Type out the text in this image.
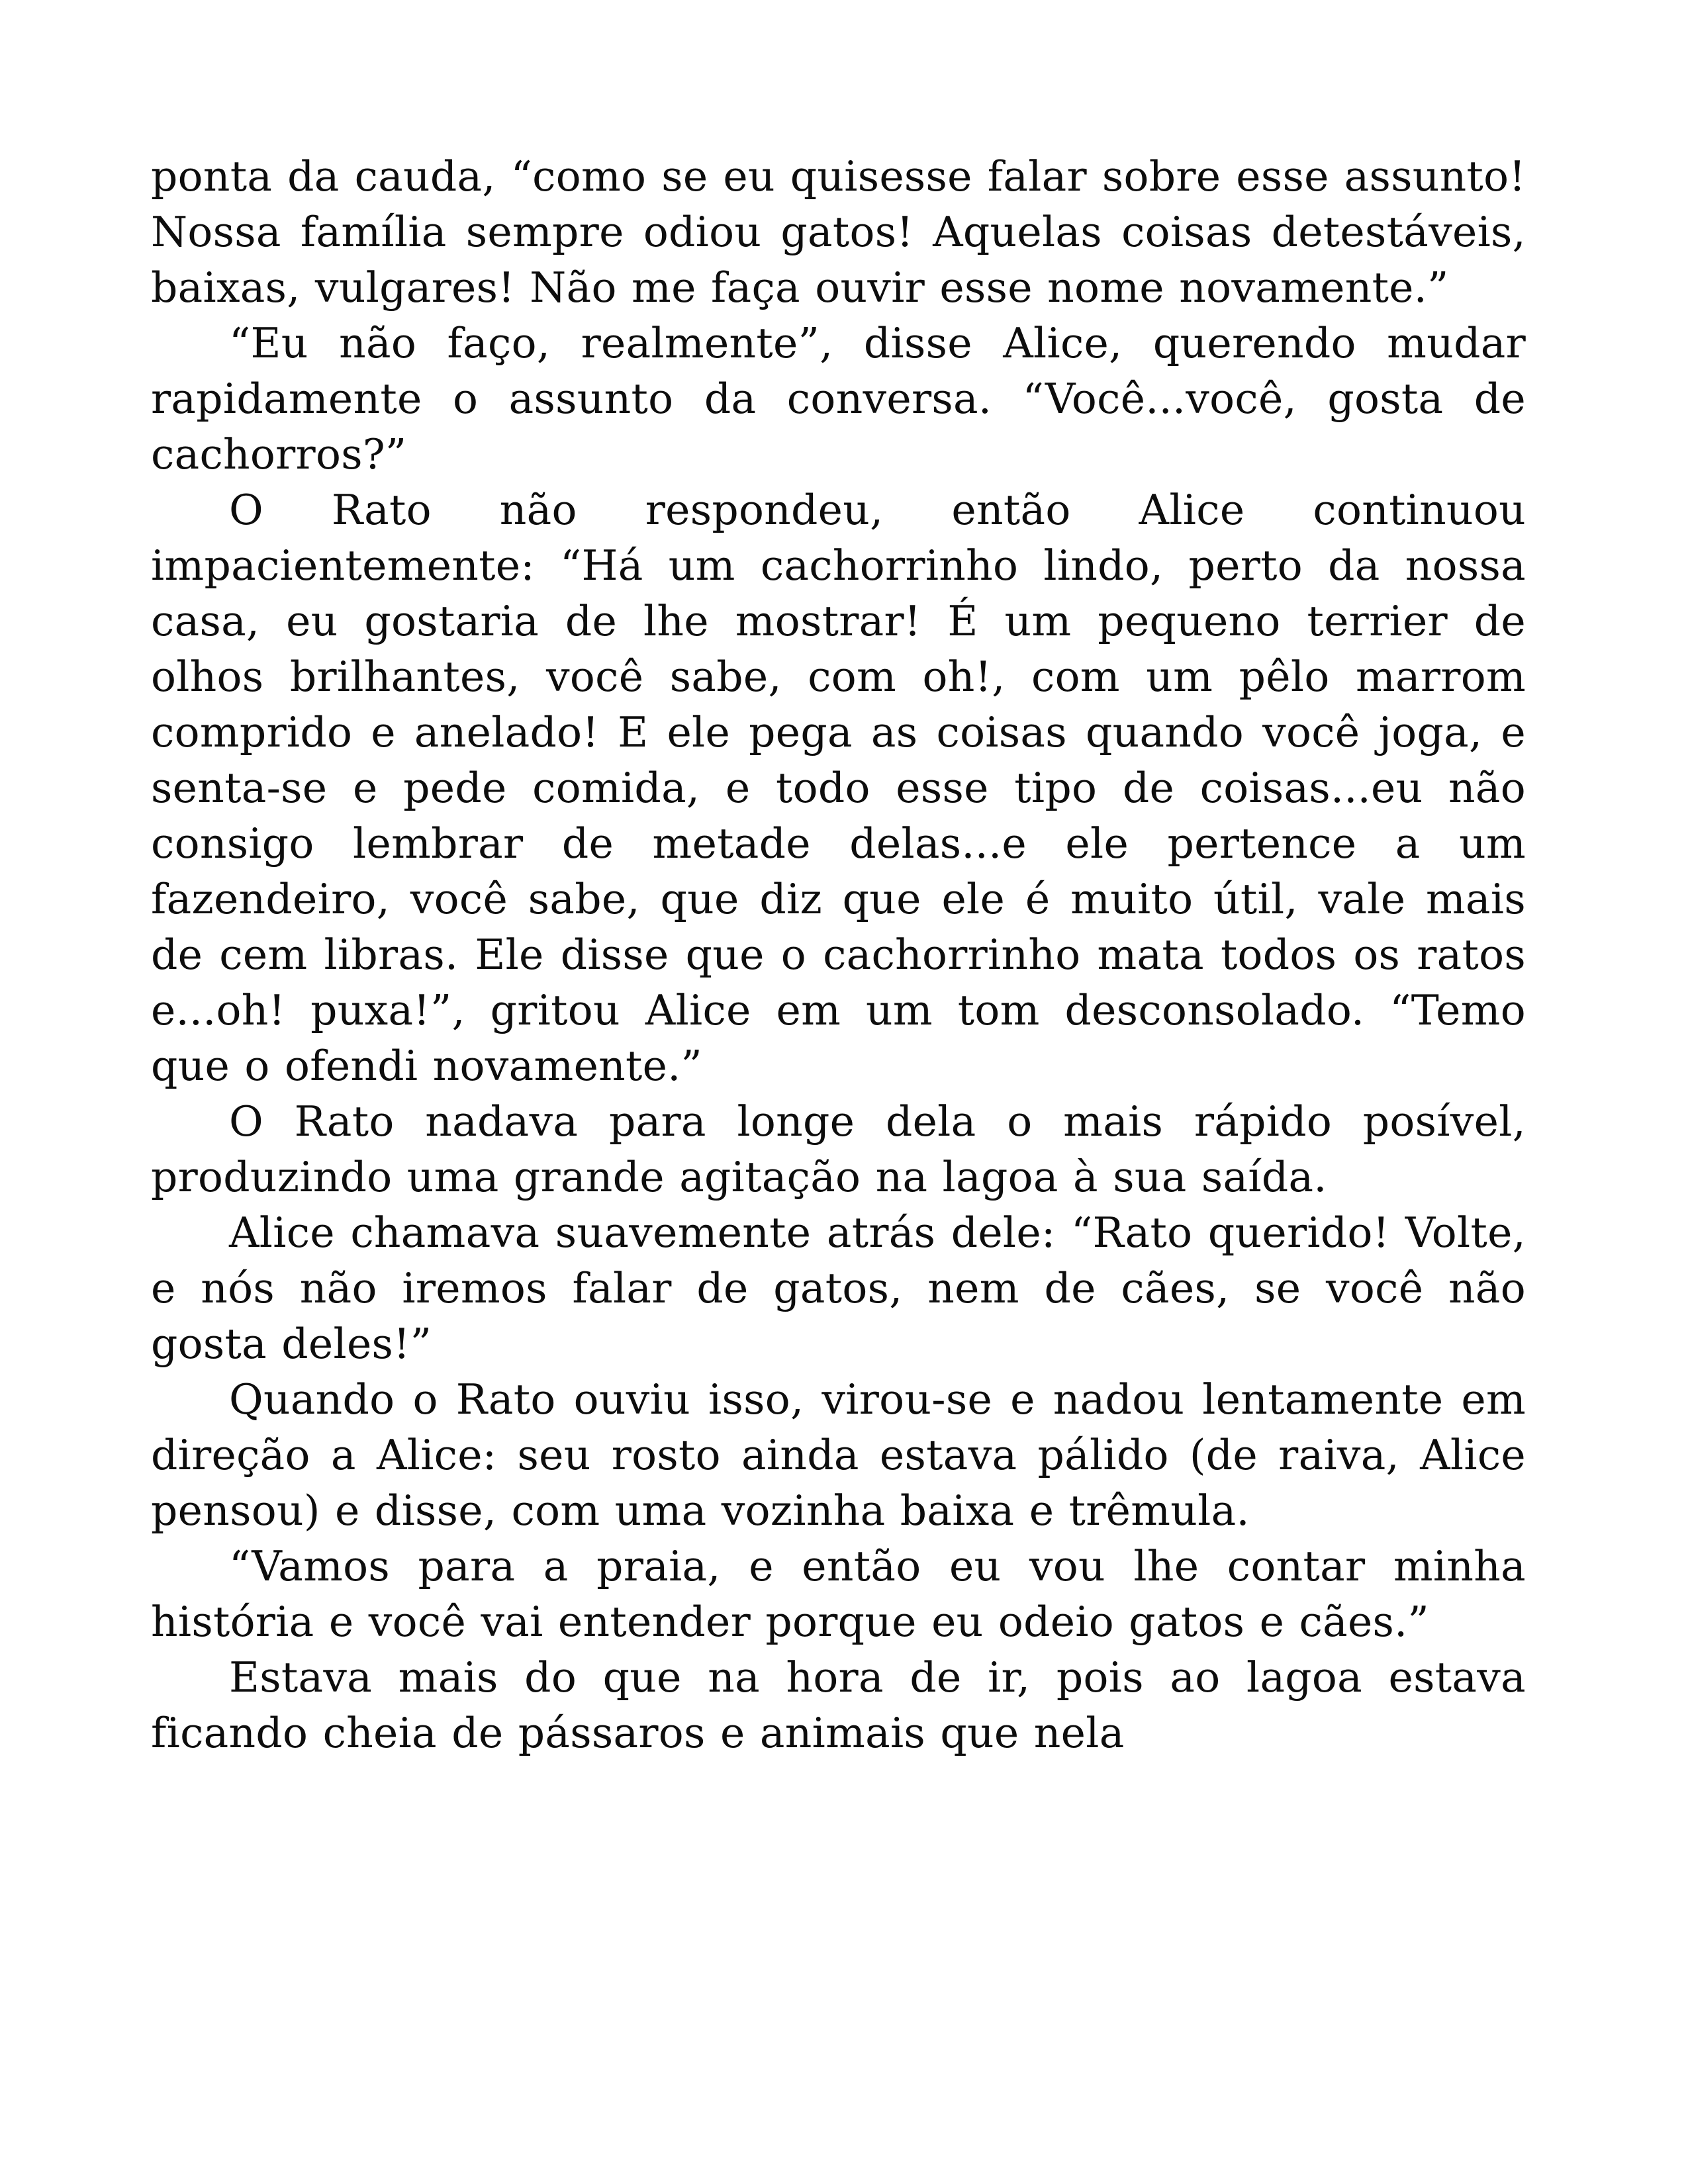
ponta da cauda, “como se eu quisesse falar sobre esse assunto! Nossa família sempre odiou gatos! Aquelas coisas detestáveis, baixas, vulgares! Não me faça ouvir esse nome novamente.”

“Eu não faço, realmente”, disse Alice, querendo mudar rapidamente o assunto da conversa. “Você...você, gosta de cachorros?”

O Rato não respondeu, então Alice continuou impacientemente: “Há um cachorrinho lindo, perto da nossa casa, eu gostaria de lhe mostrar! É um pequeno terrier de olhos brilhantes, você sabe, com oh!, com um pêlo marrom comprido e anelado! E ele pega as coisas quando você joga, e senta-se e pede comida, e todo esse tipo de coisas...eu não consigo lembrar de metade delas...e ele pertence a um fazendeiro, você sabe, que diz que ele é muito útil, vale mais de cem libras. Ele disse que o cachorrinho mata todos os ratos e...oh! puxa!”, gritou Alice em um tom desconsolado. “Temo que o ofendi novamente.”

O Rato nadava para longe dela o mais rápido posível, produzindo uma grande agitação na lagoa à sua saída.

Alice chamava suavemente atrás dele: “Rato querido! Volte, e nós não iremos falar de gatos, nem de cães, se você não gosta deles!”

Quando o Rato ouviu isso, virou-se e nadou lentamente em direção a Alice: seu rosto ainda estava pálido (de raiva, Alice pensou) e disse, com uma vozinha baixa e trêmula.

“Vamos para a praia, e então eu vou lhe contar minha história e você vai entender porque eu odeio gatos e cães.”

Estava mais do que na hora de ir, pois ao lagoa estava ficando cheia de pássaros e animais que nela
